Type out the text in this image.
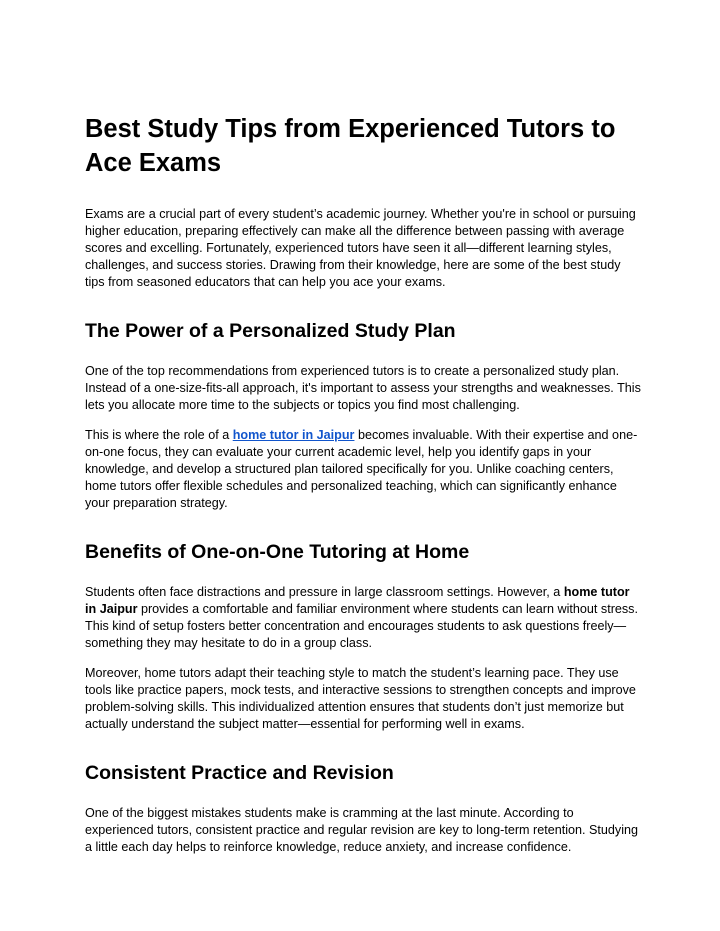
Best Study Tips from Experienced Tutors to Ace Exams

Exams are a crucial part of every student’s academic journey. Whether you're in school or pursuing higher education, preparing effectively can make all the difference between passing with average scores and excelling. Fortunately, experienced tutors have seen it all—different learning styles, challenges, and success stories. Drawing from their knowledge, here are some of the best study tips from seasoned educators that can help you ace your exams.

The Power of a Personalized Study Plan

One of the top recommendations from experienced tutors is to create a personalized study plan. Instead of a one-size-fits-all approach, it's important to assess your strengths and weaknesses. This lets you allocate more time to the subjects or topics you find most challenging.

This is where the role of a home tutor in Jaipur becomes invaluable. With their expertise and one-on-one focus, they can evaluate your current academic level, help you identify gaps in your knowledge, and develop a structured plan tailored specifically for you. Unlike coaching centers, home tutors offer flexible schedules and personalized teaching, which can significantly enhance your preparation strategy.

Benefits of One-on-One Tutoring at Home

Students often face distractions and pressure in large classroom settings. However, a home tutor in Jaipur provides a comfortable and familiar environment where students can learn without stress. This kind of setup fosters better concentration and encourages students to ask questions freely—something they may hesitate to do in a group class.

Moreover, home tutors adapt their teaching style to match the student’s learning pace. They use tools like practice papers, mock tests, and interactive sessions to strengthen concepts and improve problem-solving skills. This individualized attention ensures that students don’t just memorize but actually understand the subject matter—essential for performing well in exams.

Consistent Practice and Revision

One of the biggest mistakes students make is cramming at the last minute. According to experienced tutors, consistent practice and regular revision are key to long-term retention. Studying a little each day helps to reinforce knowledge, reduce anxiety, and increase confidence.
